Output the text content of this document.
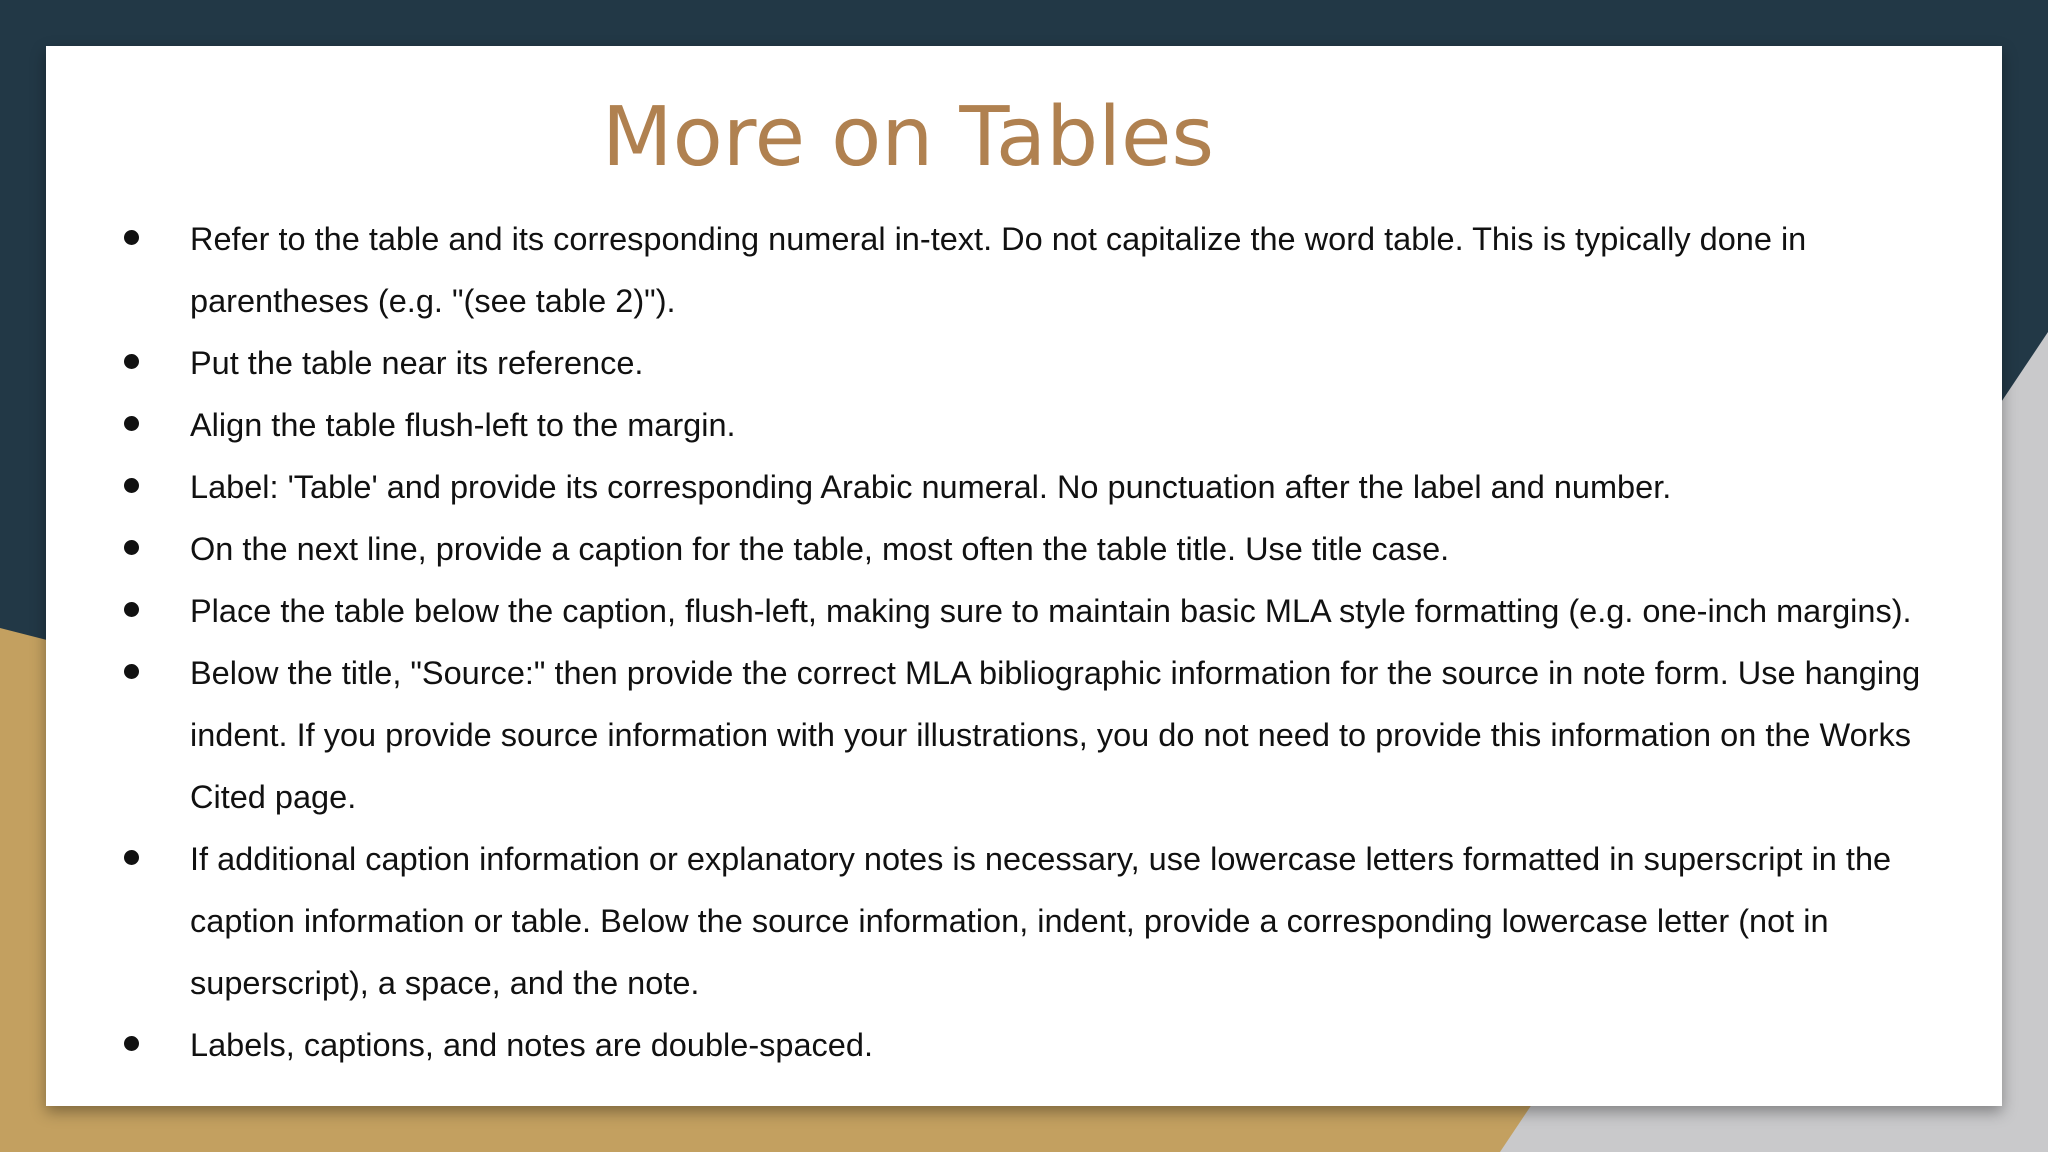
More on Tables
Refer to the table and its corresponding numeral in-text. Do not capitalize the word table. This is typically done in parentheses (e.g. "(see table 2)").
Put the table near its reference.
Align the table flush-left to the margin.
Label: 'Table' and provide its corresponding Arabic numeral. No punctuation after the label and number.
On the next line, provide a caption for the table, most often the table title. Use title case.
Place the table below the caption, flush-left, making sure to maintain basic MLA style formatting (e.g. one-inch margins).
Below the title, "Source:" then provide the correct MLA bibliographic information for the source in note form. Use hanging indent. If you provide source information with your illustrations, you do not need to provide this information on the Works Cited page.
If additional caption information or explanatory notes is necessary, use lowercase letters formatted in superscript in the caption information or table. Below the source information, indent, provide a corresponding lowercase letter (not in superscript), a space, and the note.
Labels, captions, and notes are double-spaced.
